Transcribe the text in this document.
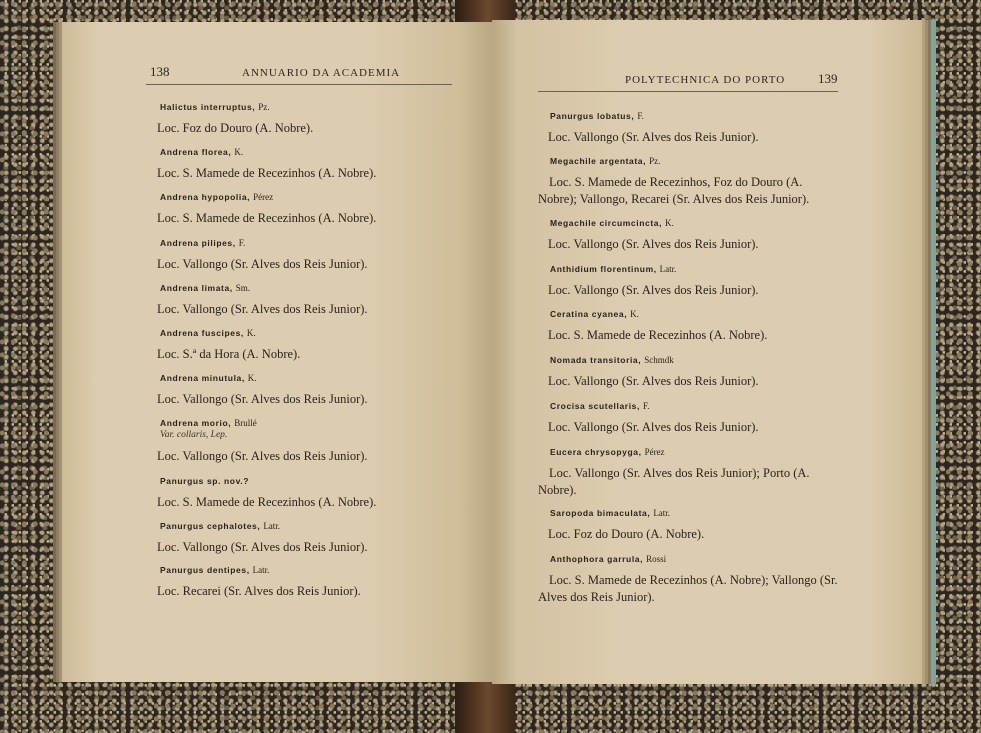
138	ANNUARIO DA ACADEMIA
Halictus interruptus, Pz.
Loc. Foz do Douro (A. Nobre).
Andrena florea, K.
Loc. S. Mamede de Recezinhos (A. Nobre).
Andrena hypopolia, Pérez
Loc. S. Mamede de Recezinhos (A. Nobre).
Andrena pilipes, F.
Loc. Vallongo (Sr. Alves dos Reis Junior).
Andrena limata, Sm.
Loc. Vallongo (Sr. Alves dos Reis Junior).
Andrena fuscipes, K.
Loc. S.ª da Hora (A. Nobre).
Andrena minutula, K.
Loc. Vallongo (Sr. Alves dos Reis Junior).
Andrena morio, Brullé
Var. collaris, Lep.
Loc. Vallongo (Sr. Alves dos Reis Junior).
Panurgus sp. nov.?
Loc. S. Mamede de Recezinhos (A. Nobre).
Panurgus cephalotes, Latr.
Loc. Vallongo (Sr. Alves dos Reis Junior).
Panurgus dentipes, Latr.
Loc. Recarei (Sr. Alves dos Reis Junior).
POLYTECHNICA DO PORTO	139
Panurgus lobatus, F.
Loc. Vallongo (Sr. Alves dos Reis Junior).
Megachile argentata, Pz.
Loc. S. Mamede de Recezinhos, Foz do Douro (A. Nobre); Vallongo, Recarei (Sr. Alves dos Reis Junior).
Megachile circumcincta, K.
Loc. Vallongo (Sr. Alves dos Reis Junior).
Anthidium florentinum, Latr.
Loc. Vallongo (Sr. Alves dos Reis Junior).
Ceratina cyanea, K.
Loc. S. Mamede de Recezinhos (A. Nobre).
Nomada transitoria, Schmdk
Loc. Vallongo (Sr. Alves dos Reis Junior).
Crocisa scutellaris, F.
Loc. Vallongo (Sr. Alves dos Reis Junior).
Eucera chrysopyga, Pérez
Loc. Vallongo (Sr. Alves dos Reis Junior); Porto (A. Nobre).
Saropoda bimaculata, Latr.
Loc. Foz do Douro (A. Nobre).
Anthophora garrula, Rossi
Loc. S. Mamede de Recezinhos (A. Nobre); Vallongo (Sr. Alves dos Reis Junior).
